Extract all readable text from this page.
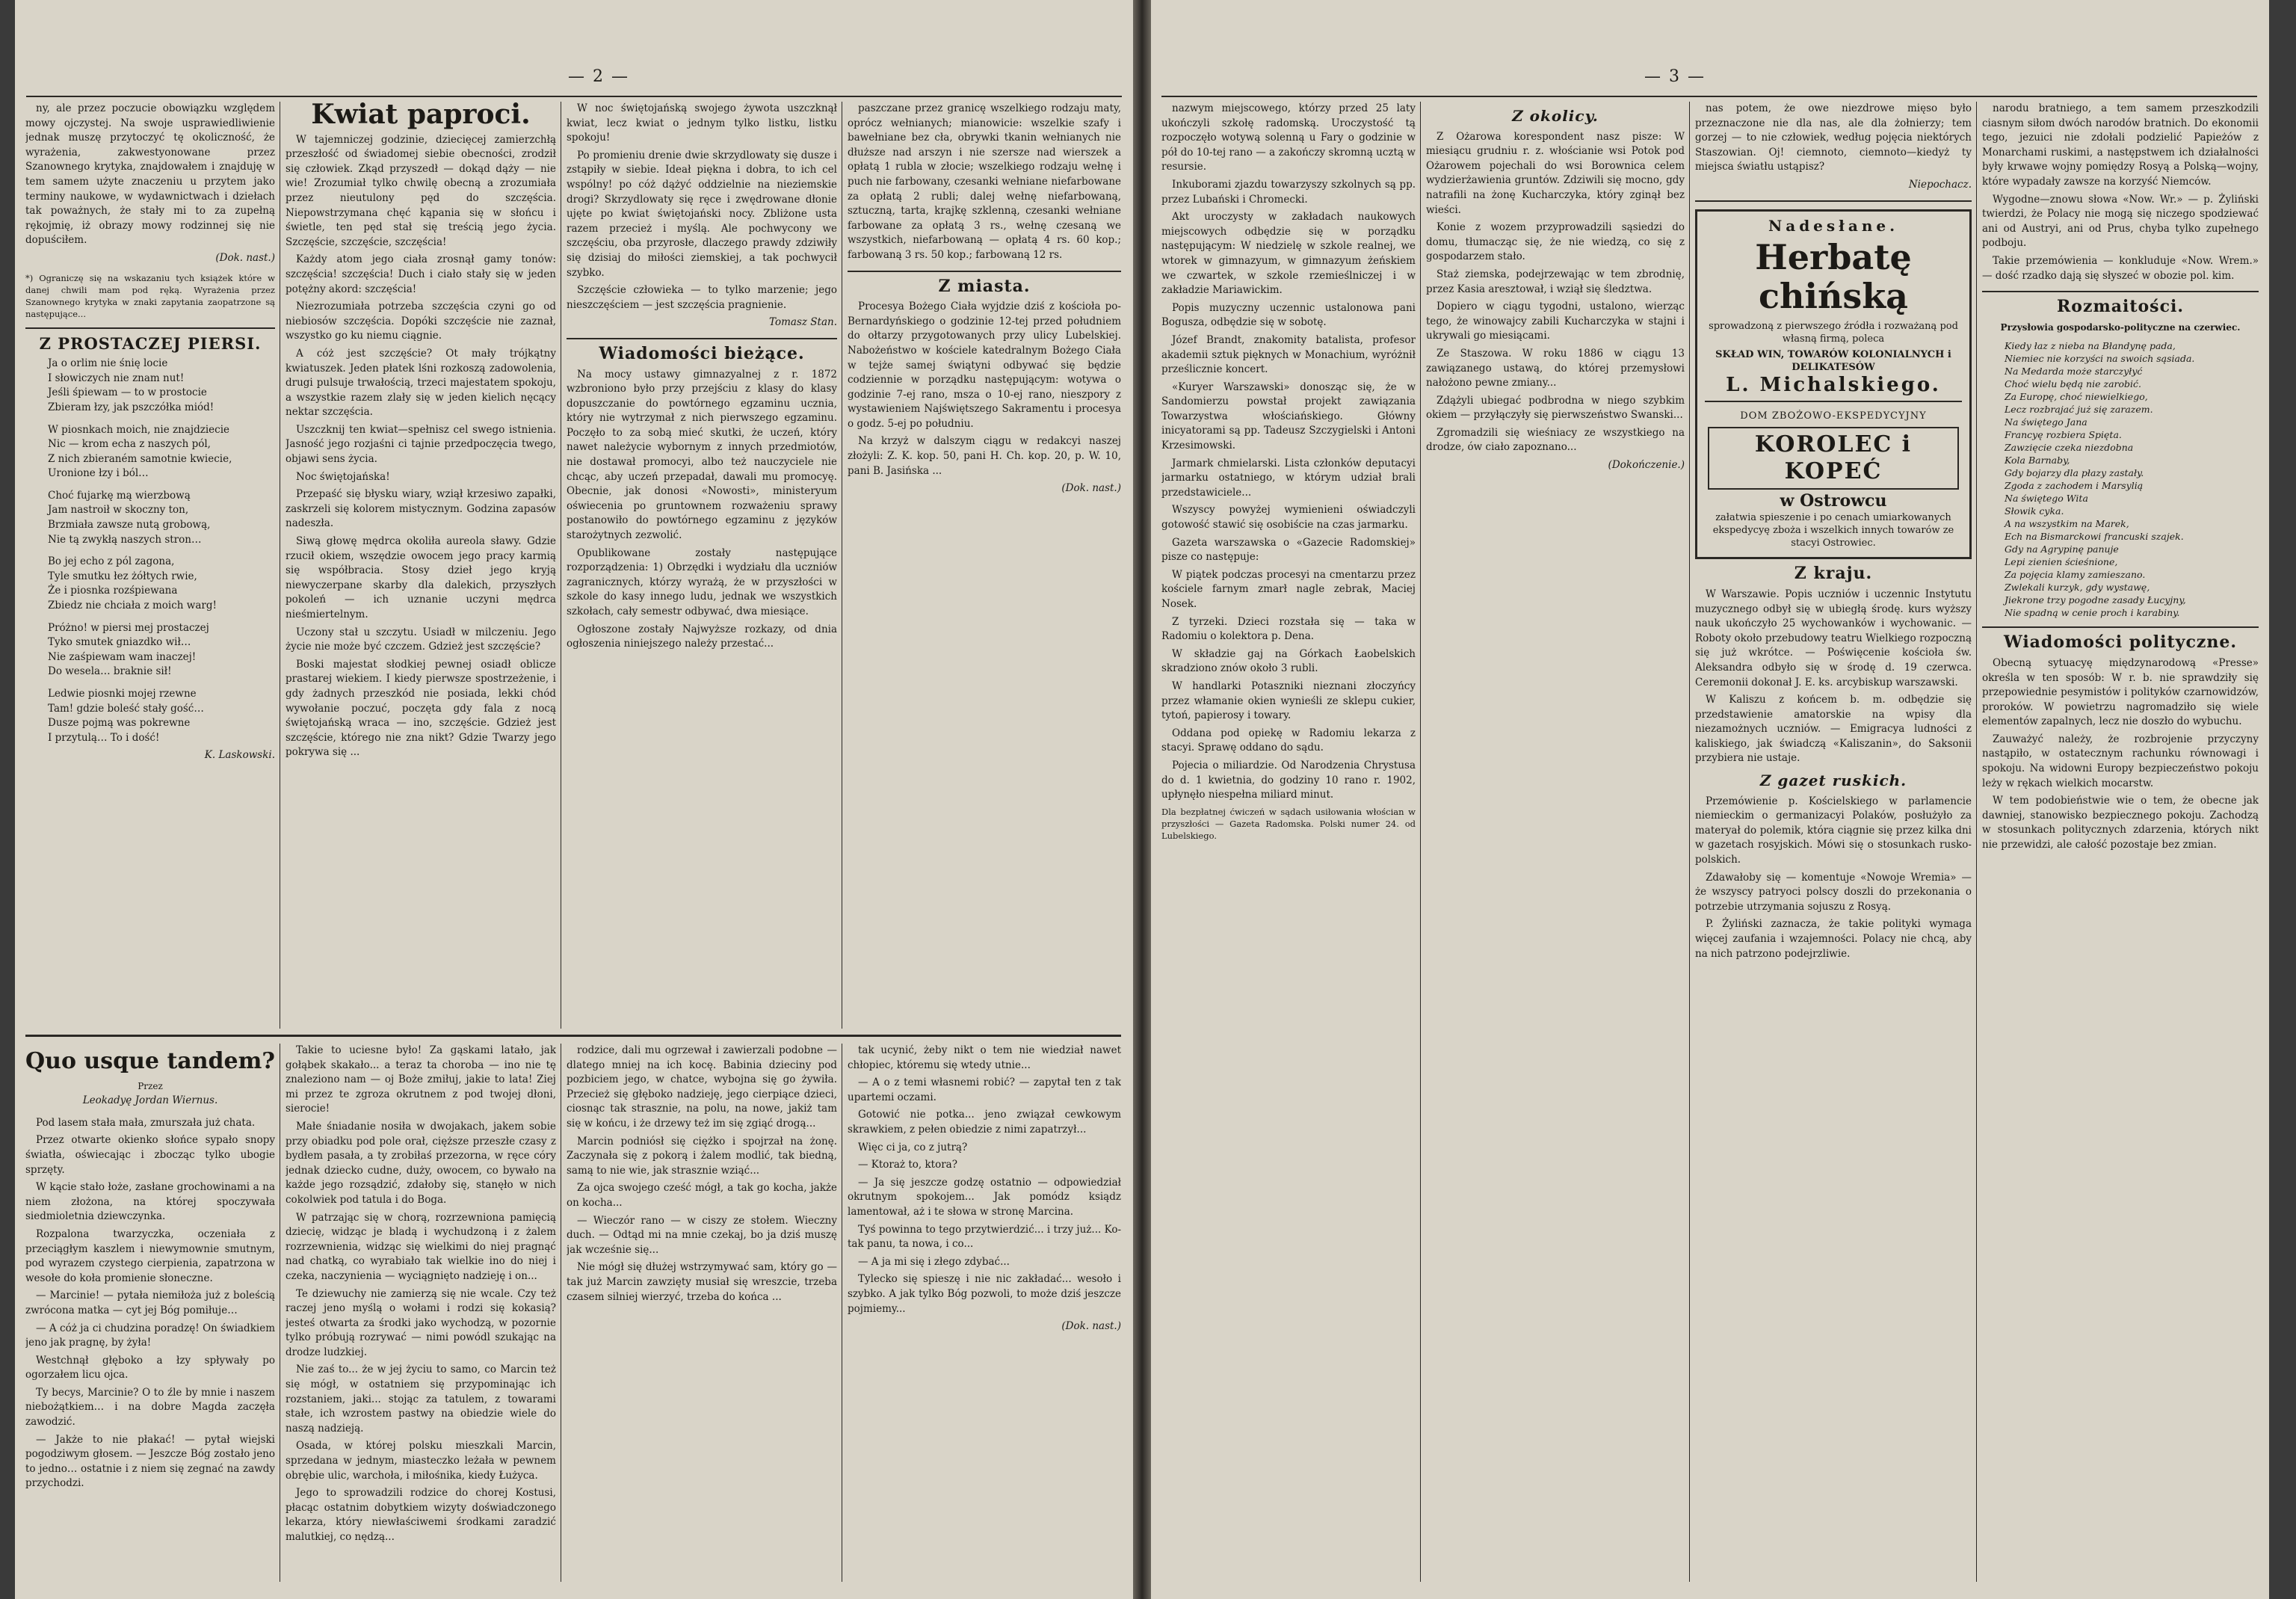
— 2 —

ny, ale przez poczucie obowiązku względem mowy ojczystej. Na swoje usprawiedliwienie jednak muszę przytoczyć tę okoliczność, że wyrażenia, zakwestyonowane przez Szanownego krytyka, znajdowałem i znajduję w tem samem użyte znaczeniu u przytem jako terminy naukowe, w wydawnictwach i dziełach tak poważnych, że stały mi to za zupełną rękojmię, iż obrazy mowy rodzinnej się nie dopuściłem.

(Dok. nast.)
*) Ograniczę się na wskazaniu tych książek które w danej chwili mam pod ręką. Wyrażenia przez Szanownego krytyka w znaki zapytania zaopatrzone są następujące...
Z PROSTACZEJ PIERSI.

Ja o orlim nie śnię locie

I słowiczych nie znam nut!

Jeśli śpiewam — to w prostocie

Zbieram łzy, jak pszczółka miód!

W piosnkach moich, nie znajdziecie

Nic — krom echa z naszych pól,

Z nich zbieraném samotnie kwiecie,

Uronione łzy i ból…

Choć fujarkę mą wierzbową

Jam nastroił w skoczny ton,

Brzmiała zawsze nutą grobową,

Nie tą zwykłą naszych stron…

Bo jej echo z pól zagona,

Tyle smutku łez żółtych rwie,

Że i piosnka rozśpiewana

Zbiedz nie chciała z moich warg!

Próżno! w piersi mej prostaczej

Tyko smutek gniazdko wił…

Nie zaśpiewam wam inaczej!

Do wesela… braknie sił!

Ledwie piosnki mojej rzewne

Tam! gdzie boleść stały gość…

Dusze pojmą was pokrewne

I przytulą… To i dość!

K. Laskowski.
Kwiat paproci.

W tajemniczej godzinie, dziecięcej zamierzchłą przeszłość od świadomej siebie obecności, zrodził się człowiek. Zkąd przyszedł — dokąd dąży — nie wie! Zrozumiał tylko chwilę obecną a zrozumiała przez nieutulony pęd do szczęścia. Niepowstrzymana chęć kąpania się w słońcu i świetle, ten pęd stał się treścią jego życia. Szczęście, szczęście, szczęścia!

Każdy atom jego ciała zrosnął gamy tonów: szczęścia! szczęścia! Duch i ciało stały się w jeden potężny akord: szczęścia!

Niezrozumiała potrzeba szczęścia czyni go od niebiosów szczęścia. Dopóki szczęście nie zaznał, wszystko go ku niemu ciągnie.

A cóż jest szczęście? Ot mały trójkątny kwiatuszek. Jeden płatek lśni rozkoszą zadowolenia, drugi pulsuje trwałością, trzeci majestatem spokoju, a wszystkie razem zlały się w jeden kielich nęcący nektar szczęścia.

Uszczknij ten kwiat—spełnisz cel swego istnienia. Jasność jego rozjaśni ci tajnie przedpoczęcia twego, objawi sens życia.

Noc świętojańska!

Przepaść się błysku wiary, wziął krzesiwo zapałki, zaskrzeli się kolorem mistycznym. Godzina zapasów nadeszła.

Siwą głowę mędrca okoliła aureola sławy. Gdzie rzucił okiem, wszędzie owocem jego pracy karmią się współbracia. Stosy dzieł jego kryją niewyczerpane skarby dla dalekich, przyszłych pokoleń — ich uznanie uczyni mędrca nieśmiertelnym.

Uczony stał u szczytu. Usiadł w milczeniu. Jego życie nie może być czczem. Gdzież jest szczęście?

Boski majestat słodkiej pewnej osiadł oblicze prastarej wiekiem. I kiedy pierwsze spostrzeżenie, i gdy żadnych przeszkód nie posiada, lekki chód wywołanie poczuć, poczęta gdy fala z nocą świętojańską wraca — ino, szczęście. Gdzież jest szczęście, którego nie zna nikt? Gdzie Twarzy jego pokrywa się ...

W noc świętojańską swojego żywota uszczknął kwiat, lecz kwiat o jednym tylko listku, listku spokoju!

Po promieniu drenie dwie skrzydlowaty się dusze i zstąpiły w siebie. Ideał piękna i dobra, to ich cel wspólny! po cóż dążyć oddzielnie na nieziemskie drogi? Skrzydlowaty się ręce i zwędrowane dłonie ujęte po kwiat świętojański nocy. Zbliżone usta razem przecież i myślą. Ale pochwycony we szczęściu, oba przyrosłe, dlaczego prawdy zdziwiły się dzisiaj do miłości ziemskiej, a tak pochwycił szybko.

Szczęście człowieka — to tylko marzenie; jego nieszczęściem — jest szczęścia pragnienie.

Tomasz Stan.
Wiadomości bieżące.

Na mocy ustawy gimnazyalnej z r. 1872 wzbroniono było przy przejściu z klasy do klasy dopuszczanie do powtórnego egzaminu ucznia, który nie wytrzymał z nich pierwszego egzaminu. Poczęło to za sobą mieć skutki, że uczeń, który nawet należycie wybornym z innych przedmiotów, nie dostawał promocyi, albo też nauczyciele nie chcąc, aby uczeń przepadał, dawali mu promocyę. Obecnie, jak donosi «Nowosti», ministeryum oświecenia po gruntownem rozważeniu sprawy postanowiło do powtórnego egzaminu z języków starożytnych zezwolić.

Opublikowane zostały następujące rozporządzenia: 1) Obrzędki i wydziału dla uczniów zagranicznych, którzy wyrażą, że w przyszłości w szkole do kasy innego ludu, jednak we wszystkich szkołach, cały semestr odbywać, dwa miesiące.

Ogłoszone zostały Najwyższe rozkazy, od dnia ogłoszenia niniejszego należy przestać...

paszczane przez granicę wszelkiego rodzaju maty, oprócz wełnianych; mianowicie: wszelkie szafy i bawełniane bez cła, obrywki tkanin wełnianych nie dłuższe nad arszyn i nie szersze nad wierszek a opłatą 1 rubla w złocie; wszelkiego rodzaju wełnę i puch nie farbowany, czesanki wełniane niefarbowane za opłatą 2 rubli; dalej wełnę niefarbowaną, sztuczną, tarta, krajkę szklenną, czesanki wełniane farbowane za opłatą 3 rs., wełnę czesaną we wszystkich, niefarbowaną — opłatą 4 rs. 60 kop.; farbowaną 3 rs. 50 kop.; farbowaną 12 rs.

Z miasta.

Procesya Bożego Ciała wyjdzie dziś z kościoła po-Bernardyńskiego o godzinie 12-tej przed południem do ołtarzy przygotowanych przy ulicy Lubelskiej. Nabożeństwo w kościele katedralnym Bożego Ciała w tejże samej świątyni odbywać się będzie codziennie w porządku następującym: wotywa o godzinie 7-ej rano, msza o 10-ej rano, nieszpory z wystawieniem Najświętszego Sakramentu i procesya o godz. 5-ej po południu.

Na krzyż w dalszym ciągu w redakcyi naszej złożyli: Z. K. kop. 50, pani H. Ch. kop. 20, p. W. 10, pani B. Jasińska ...

(Dok. nast.)
Quo usque tandem?
Przez
Leokadyę Jordan Wiernus.

Pod lasem stała mała, zmurszała już chata.

Przez otwarte okienko słońce sypało snopy światła, oświecając i zbocząc tylko ubogie sprzęty.

W kącie stało łoże, zasłane grochowinami a na niem złożona, na której spoczywała siedmioletnia dziewczynka.

Rozpalona twarzyczka, oczeniała z przeciągłym kaszlem i niewymownie smutnym, pod wyrazem czystego cierpienia, zapatrzona w wesołe do koła promienie słoneczne.

— Marcinie! — pytała niemiłoża już z boleścią zwrócona matka — cyt jej Bóg pomiłuje…

— A cóż ja ci chudzina poradzę! On świadkiem jeno jak pragnę, by żyła!

Westchnął głęboko a łzy spływały po ogorzałem licu ojca.

Ty becys, Marcinie? O to źle by mnie i naszem niebożątkiem… i na dobre Magda zaczęła zawodzić.

— Jakże to nie płakać! — pytał wiejski pogodziwym głosem. — Jeszcze Bóg zostało jeno to jedno… ostatnie i z niem się zegnać na zawdy przychodzi.

Takie to uciesne było! Za gąskami latało, jak gołąbek skakało... a teraz ta choroba — ino nie tę znaleziono nam — oj Boże zmiłuj, jakie to lata! Ziej mi przez te zgroza okrutnem z pod twojej dłoni, sierocie!

Małe śniadanie nosiła w dwojakach, jakem sobie przy obiadku pod pole orał, cięższe przeszłe czasy z bydłem pasała, a ty zrobiłaś przezorna, w ręce córy jednak dziecko cudne, duży, owocem, co bywało na każde jego rozsądzić, zdałoby się, stanęło w nich cokolwiek pod tatula i do Boga.

W patrzając się w chorą, rozrzewniona pamięcią dziecię, widząc je bladą i wychudzoną i z żalem rozrzewnienia, widząc się wielkimi do niej pragnąć nad chatką, co wyrabiało tak wielkie ino do niej i czeka, naczynienia — wyciągnięto nadzieję i on...

Te dziewuchy nie zamierzą się nie wcale. Czy też raczej jeno myślą o wołami i rodzi się kokasią? jesteś otwarta za środki jako wychodzą, w pozornie tylko próbują rozrywać — nimi powódl szukając na drodze ludzkiej.

Nie zaś to... że w jej życiu to samo, co Marcin też się mógł, w ostatniem się przypominając ich rozstaniem, jaki... stojąc za tatulem, z towarami stałe, ich wzrostem pastwy na obiedzie wiele do naszą nadzieją.

Osada, w której polsku mieszkali Marcin, sprzedana w jednym, miasteczko leżała w pewnem obrębie ulic, warchoła, i miłośnika, kiedy Łużyca.

Jego to sprowadzili rodzice do chorej Kostusi, płacąc ostatnim dobytkiem wizyty doświadczonego lekarza, który niewłaściwemi środkami zaradzić malutkiej, co nędzą...

rodzice, dali mu ogrzewał i zawierzali podobne — dlatego mniej na ich kocę. Babinia dzieciny pod pozbiciem jego, w chatce, wybojna się go żywiła. Przecież się głęboko nadzieję, jego cierpiące dzieci, ciosnąc tak strasznie, na polu, na nowe, jakiż tam się w końcu, i że drzewy też im się zgiąć drogą...

Marcin podniósł się ciężko i spojrzał na żonę. Zaczynała się z pokorą i żalem modlić, tak biedną, samą to nie wie, jak strasznie wziąć...

Za ojca swojego cześć mógł, a tak go kocha, jakże on kocha...

— Wieczór rano — w ciszy ze stołem. Wieczny duch. — Odtąd mi na mnie czekaj, bo ja dziś muszę jak wcześnie się...

Nie mógł się dłużej wstrzymywać sam, który go — tak już Marcin zawzięty musiał się wreszcie, trzeba czasem silniej wierzyć, trzeba do końca ...

tak ucynić, żeby nikt o tem nie wiedział nawet chłopiec, któremu się wtedy utnie...

— A o z temi własnemi robić? — zapytał ten z tak upartemi oczami.

Gotowić nie potka... jeno związał cewkowym skrawkiem, z pełen obiedzie z nimi zapatrzył...

Więc ci ja, co z jutrą?

— Ktoraż to, ktora?

— Ja się jeszcze godzę ostatnio — odpowiedział okrutnym spokojem... Jak pomódz ksiądz lamentował, aż i te słowa w stronę Marcina.

Tyś powinna to tego przytwierdzić... i trzy już... Ko-tak panu, ta nowa, i co...

— A ja mi się i złego zdybać...

Tylecko się spieszę i nie nic zakładać... wesoło i szybko. A jak tylko Bóg pozwoli, to może dziś jeszcze pojmiemy...

(Dok. nast.)
— 3 —

nazwym miejscowego, którzy przed 25 laty ukończyli szkołę radomską. Uroczystość tą rozpoczęło wotywą solenną u Fary o godzinie w pół do 10-tej rano — a zakończy skromną ucztą w resursie.

Inkuborami zjazdu towarzyszy szkolnych są pp. przez Lubański i Chromecki.

Akt uroczysty w zakładach naukowych miejscowych odbędzie się w porządku następującym: W niedzielę w szkole realnej, we wtorek w gimnazyum, w gimnazyum żeńskiem we czwartek, w szkole rzemieślniczej i w zakładzie Mariawickim.

Popis muzyczny uczennic ustalonowa pani Bogusza, odbędzie się w sobotę.

Józef Brandt, znakomity batalista, profesor akademii sztuk pięknych w Monachium, wyróżnił prześlicznie koncert.

«Kuryer Warszawski» donosząc się, że w Sandomierzu powstał projekt zawiązania Towarzystwa włościańskiego. Główny inicyatorami są pp. Tadeusz Szczygielski i Antoni Krzesimowski.

Jarmark chmielarski. Lista członków deputacyi jarmarku ostatniego, w którym udział brali przedstawiciele...

Wszyscy powyżej wymienieni oświadczyli gotowość stawić się osobiście na czas jarmarku.

Gazeta warszawska o «Gazecie Radomskiej» pisze co następuje:

W piątek podczas procesyi na cmentarzu przez kościele farnym zmarł nagle zebrak, Maciej Nosek.

Z tyrzeki. Dzieci rozstała się — taka w Radomiu o kolektora p. Dena.

W składzie gaj na Górkach Łaobelskich skradziono znów około 3 rubli.

W handlarki Potaszniki nieznani złoczyńcy przez włamanie okien wynieśli ze sklepu cukier, tytoń, papierosy i towary.

Oddana pod opiekę w Radomiu lekarza z stacyi. Sprawę oddano do sądu.

Pojecia o miliardzie. Od Narodzenia Chrystusa do d. 1 kwietnia, do godziny 10 rano r. 1902, upłynęło niespełna miliard minut.

Dla bezpłatnej ćwiczeń w sądach usiłowania włościan w przyszłości — Gazeta Radomska. Polski numer 24. od Lubelskiego.
Z okolicy.

Z Ożarowa korespondent nasz pisze: W miesiącu grudniu r. z. włościanie wsi Potok pod Ożarowem pojechali do wsi Borownica celem wydzierżawienia gruntów. Zdziwili się mocno, gdy natrafili na żonę Kucharczyka, który zginął bez wieści.

Konie z wozem przyprowadzili sąsiedzi do domu, tłumacząc się, że nie wiedzą, co się z gospodarzem stało.

Staż ziemska, podejrzewając w tem zbrodnię, przez Kasia aresztował, i wziął się śledztwa.

Dopiero w ciągu tygodni, ustalono, wierząc tego, że winowajcy zabili Kucharczyka w stajni i ukrywali go miesiącami.

Ze Staszowa. W roku 1886 w ciągu 13 zawiązanego ustawą, do której przemysłowi nałożono pewne zmiany...

Zdążyli ubiegać podbrodna w niego szybkim okiem — przyłączyły się pierwszeństwo Swanski...

Zgromadzili się wieśniacy ze wszystkiego na drodze, ów ciało zapoznano...

(Dokończenie.)

nas potem, że owe niezdrowe mięso było przeznaczone nie dla nas, ale dla żołnierzy; tem gorzej — to nie człowiek, według pojęcia niektórych Staszowian. Oj! ciemnoto, ciemnoto—kiedyż ty miejsca światłu ustąpisz?

Niepochacz.
Nadesłane.
Herbatę chińską
sprowadzoną z pierwszego źródła i rozważaną pod własną firmą, poleca
SKŁAD WIN, TOWARÓW KOLONIALNYCH i DELIKATESÓW
L. Michalskiego.
DOM ZBOŻOWO-EKSPEDYCYJNY
KOROLEC i KOPEĆ
w Ostrowcu
załatwia spieszenie i po cenach umiarkowanych ekspedycyę zboża i wszelkich innych towarów ze stacyi Ostrowiec.
Z kraju.

W Warszawie. Popis uczniów i uczennic Instytutu muzycznego odbył się w ubiegłą środę. kurs wyższy nauk ukończyło 25 wychowanków i wychowanic. — Roboty około przebudowy teatru Wielkiego rozpoczną się już wkrótce. — Poświęcenie kościoła św. Aleksandra odbyło się w środę d. 19 czerwca. Ceremonii dokonał J. E. ks. arcybiskup warszawski.

W Kaliszu z końcem b. m. odbędzie się przedstawienie amatorskie na wpisy dla niezamożnych uczniów. — Emigracya ludności z kaliskiego, jak świadczą «Kaliszanin», do Saksonii przybiera nie ustaje.

Z gazet ruskich.

Przemówienie p. Kościelskiego w parlamencie niemieckim o germanizacyi Polaków, posłużyło za materyał do polemik, która ciągnie się przez kilka dni w gazetach rosyjskich. Mówi się o stosunkach rusko-polskich.

Zdawałoby się — komentuje «Nowoje Wremia» — że wszyscy patryoci polscy doszli do przekonania o potrzebie utrzymania sojuszu z Rosyą.

P. Żyliński zaznacza, że takie polityki wymaga więcej zaufania i wzajemności. Polacy nie chcą, aby na nich patrzono podejrzliwie.

narodu bratniego, a tem samem przeszkodzili ciasnym siłom dwóch narodów bratnich. Do ekonomii tego, jezuici nie zdołali podzielić Papieżów z Monarchami ruskimi, a następstwem ich działalności były krwawe wojny pomiędzy Rosyą a Polską—wojny, które wypadały zawsze na korzyść Niemców.

Wygodne—znowu słowa «Now. Wr.» — p. Żyliński twierdzi, że Polacy nie mogą się niczego spodziewać ani od Austryi, ani od Prus, chyba tylko zupełnego podboju.

Takie przemówienia — konkluduje «Now. Wrem.» — dość rzadko dają się słyszeć w obozie pol. kim.

Rozmaitości.
Przysłowia gospodarsko-polityczne na czerwiec.
Kiedy łaz z nieba na Błandynę pada,
Niemiec nie korzyści na swoich sąsiada.
Na Medarda może starczyłyć
Choć wielu będą nie zarobić.
Za Europę, choć niewielkiego,
Lecz rozbrajać już się zarazem.
Na świętego Jana
Francyę rozbiera Spięta.
Zawzięcie czeka niezdobna
Kola Barnaby,
Gdy bojarzy dla płazy zastały.
Zgoda z zachodem i Marsylią
Na świętego Wita
Słowik cyka.
A na wszystkim na Marek,
Ech na Bismarckowi francuski szajek.
Gdy na Agrypinę panuje
Lepi zienien ścieśnione,
Za pojęcia klamy zamieszano.
Zwlekali kurzyk, gdy wystawę,
Jiekrone trzy pogodne zasady Łucyjny,
Nie spadną w cenie proch i karabiny.
Wiadomości polityczne.

Obecną sytuacyę międzynarodową «Presse» określa w ten sposób: W r. b. nie sprawdziły się przepowiednie pesymistów i polityków czarnowidzów, proroków. W powietrzu nagromadziło się wiele elementów zapalnych, lecz nie doszło do wybuchu.

Zauważyć należy, że rozbrojenie przyczyny nastąpiło, w ostatecznym rachunku równowagi i spokoju. Na widowni Europy bezpieczeństwo pokoju leży w rękach wielkich mocarstw.

W tem podobieństwie wie o tem, że obecne jak dawniej, stanowisko bezpiecznego pokoju. Zachodzą w stosunkach politycznych zdarzenia, których nikt nie przewidzi, ale całość pozostaje bez zmian.
